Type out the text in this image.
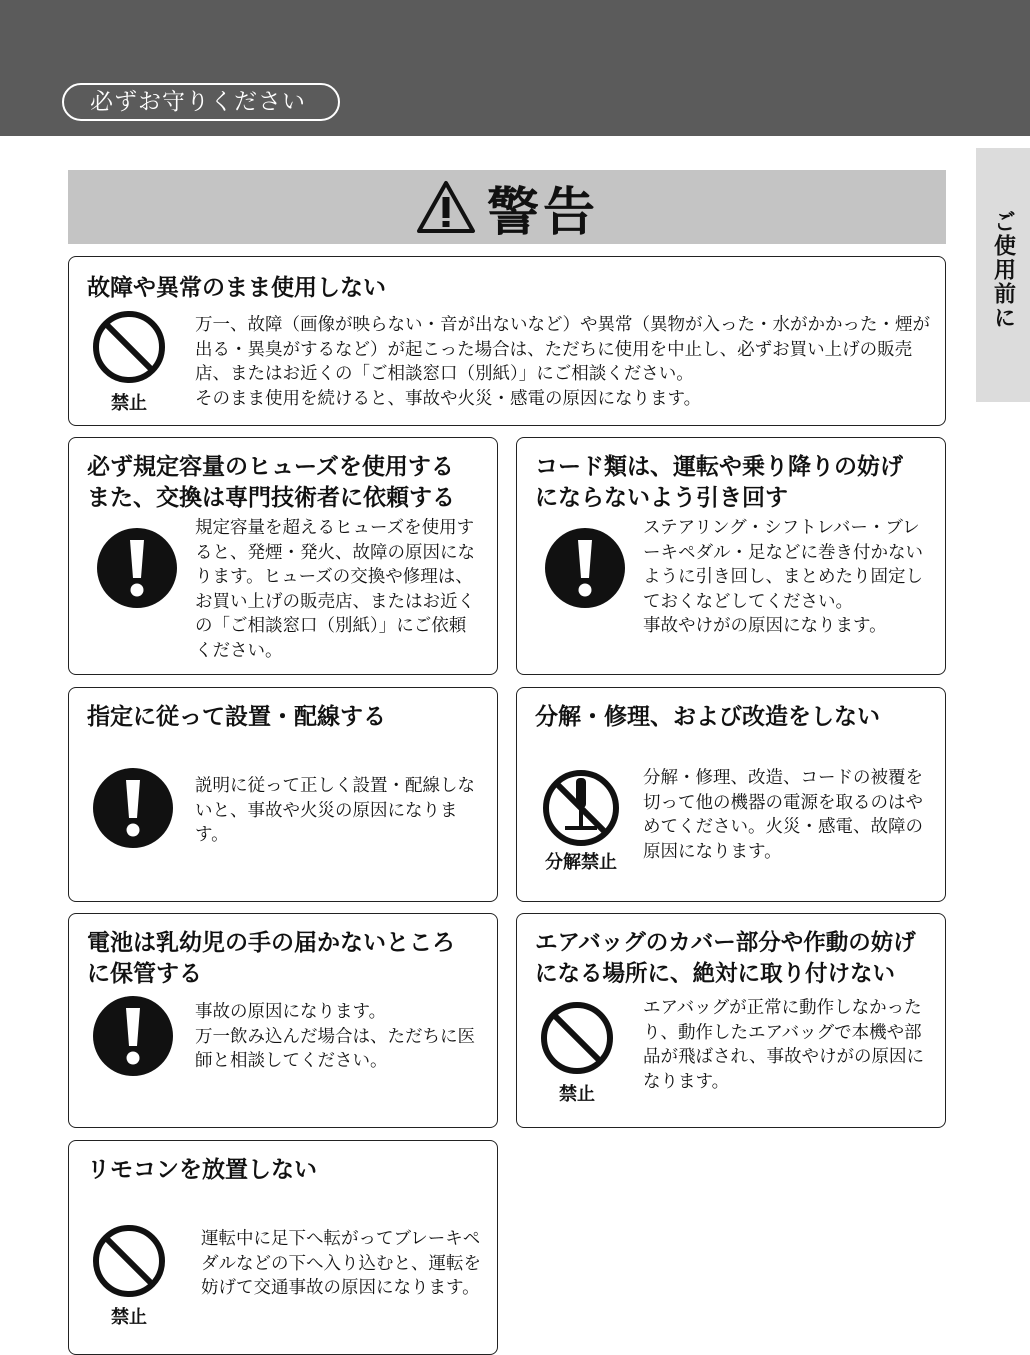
必ずお守りください
ご使用前に
警告
故障や異常のまま使用しない
禁止
万一、故障（画像が映らない・音が出ないなど）や異常（異物が入った・水がかかった・煙が出る・異臭がするなど）が起こった場合は、ただちに使用を中止し、必ずお買い上げの販売店、またはお近くの「ご相談窓口（別紙）」にご相談ください。
そのまま使用を続けると、事故や火災・感電の原因になります。
必ず規定容量のヒューズを使用する
また、交換は専門技術者に依頼する
規定容量を超えるヒューズを使用すると、発煙・発火、故障の原因になります。ヒューズの交換や修理は、お買い上げの販売店、またはお近くの「ご相談窓口（別紙）」にご依頼ください。
コード類は、運転や乗り降りの妨げ
にならないよう引き回す
ステアリング・シフトレバー・ブレーキペダル・足などに巻き付かないように引き回し、まとめたり固定しておくなどしてください。
事故やけがの原因になります。
指定に従って設置・配線する
説明に従って正しく設置・配線しないと、事故や火災の原因になります。
分解・修理、および改造をしない
分解禁止
分解・修理、改造、コードの被覆を切って他の機器の電源を取るのはやめてください。火災・感電、故障の原因になります。
電池は乳幼児の手の届かないところ
に保管する
事故の原因になります。
万一飲み込んだ場合は、ただちに医師と相談してください。
エアバッグのカバー部分や作動の妨げ
になる場所に、絶対に取り付けない
禁止
エアバッグが正常に動作しなかったり、動作したエアバッグで本機や部品が飛ばされ、事故やけがの原因になります。
リモコンを放置しない
禁止
運転中に足下へ転がってブレーキペダルなどの下へ入り込むと、運転を妨げて交通事故の原因になります。
